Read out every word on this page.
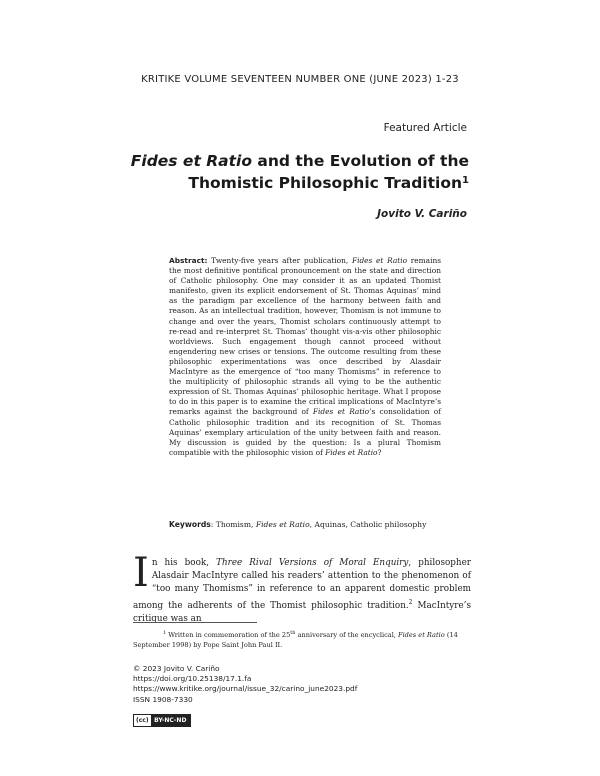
KRITIKE VOLUME SEVENTEEN NUMBER ONE (JUNE 2023) 1-23
Featured Article
Fides et Ratio and the Evolution of the
Thomistic Philosophic Tradition$^1$
Jovito V. Cariño
Abstract: Twenty-five years after publication, Fides et Ratio remains the most definitive pontifical pronouncement on the state and direction of Catholic philosophy. One may consider it as an updated Thomist manifesto, given its explicit endorsement of St. Thomas Aquinas’ mind as the paradigm par excellence of the harmony between faith and reason. As an intellectual tradition, however, Thomism is not immune to change and over the years, Thomist scholars continuously attempt to re-read and re-interpret St. Thomas’ thought vis-a-vis other philosophic worldviews. Such engagement though cannot proceed without engendering new crises or tensions. The outcome resulting from these philosophic experimentations was once described by Alasdair MacIntyre as the emergence of “too many Thomisms” in reference to the multiplicity of philosophic strands all vying to be the authentic expression of St. Thomas Aquinas’ philosophic heritage. What I propose to do in this paper is to examine the critical implications of MacIntyre’s remarks against the background of Fides et Ratio’s consolidation of Catholic philosophic tradition and its recognition of St. Thomas Aquinas’ exemplary articulation of the unity between faith and reason. My discussion is guided by the question: Is a plural Thomism compatible with the philosophic vision of Fides et Ratio?
Keywords: Thomism, Fides et Ratio, Aquinas, Catholic philosophy
In his book, Three Rival Versions of Moral Enquiry, philosopher Alasdair MacIntyre called his readers’ attention to the phenomenon of “too many Thomisms” in reference to an apparent domestic problem among the adherents of the Thomist philosophic tradition.$^2$ MacIntyre’s critique was an
$^1$ Written in commemoration of the 25th anniversary of the encyclical, Fides et Ratio (14 September 1998) by Pope Saint John Paul II.
© 2023 Jovito V. Cariño
https://doi.org/10.25138/17.1.fa
https://www.kritike.org/journal/issue_32/carino_june2023.pdf
ISSN 1908-7330
(cc) BY-NC-ND
